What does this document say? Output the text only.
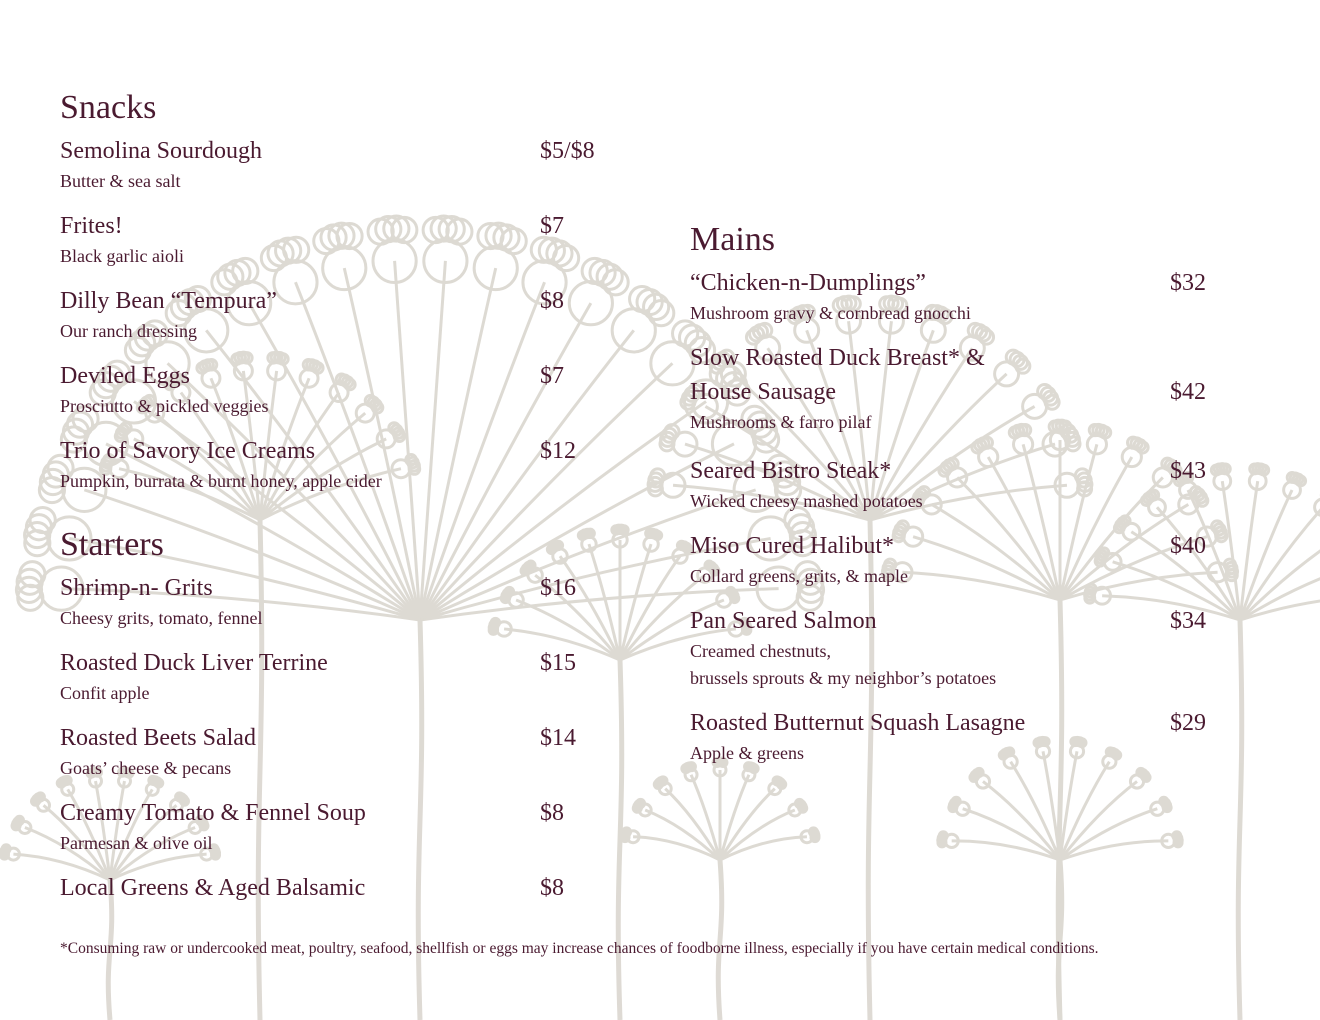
Snacks
Semolina Sourdough	$5/$8
Butter & sea salt
Frites!	$7
Black garlic aioli
Dilly Bean “Tempura”	$8
Our ranch dressing
Deviled Eggs	$7
Prosciutto & pickled veggies
Trio of Savory Ice Creams	$12
Pumpkin, burrata & burnt honey, apple cider
Starters
Shrimp-n- Grits	$16
Cheesy grits, tomato, fennel
Roasted Duck Liver Terrine	$15
Confit apple
Roasted Beets Salad	$14
Goats’ cheese & pecans
Creamy Tomato & Fennel Soup	$8
Parmesan & olive oil
Local Greens & Aged Balsamic	$8
Mains
“Chicken-n-Dumplings”	$32
Mushroom gravy & cornbread gnocchi
Slow Roasted Duck Breast* &
House Sausage	$42
Mushrooms & farro pilaf
Seared Bistro Steak*	$43
Wicked cheesy mashed potatoes
Miso Cured Halibut*	$40
Collard greens, grits, & maple
Pan Seared Salmon	$34
Creamed chestnuts,
brussels sprouts & my neighbor’s potatoes
Roasted Butternut Squash Lasagne	$29
Apple & greens
*Consuming raw or undercooked meat, poultry, seafood, shellfish or eggs may increase chances of foodborne illness, especially if you have certain medical conditions.
